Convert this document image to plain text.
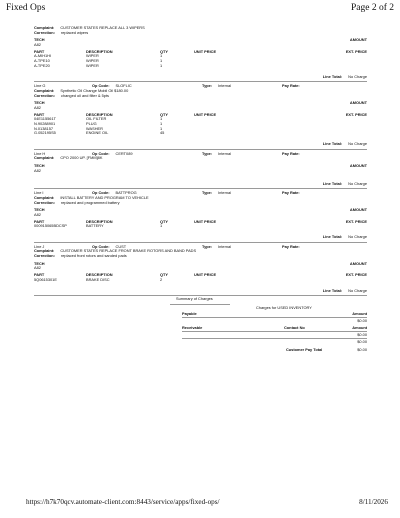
Fixed Ops	Page 2 of 2
Complaint: CUSTOMER STATES REPLACE ALL 3 WIPERS
Correction: replaced wipers
TECH	AMOUNT
A82
PART	DESCRIPTION	QTY	UNIT PRICE	EXT. PRICE
A-MIH1HI	WIPER	1
A-TPE10	WIPER	1
A-TPE20	WIPER	1
Line Total: No Charge
Line G	Op Code: SLOFLIC	Type: Internal	Pay Rate:
Complaint: Synthetic Oil Change Mobil Oil $180.00
Correction: changed oil and filter & 5pts
TECH	AMOUNT
A82
PART	DESCRIPTION	QTY	UNIT PRICE	EXT. PRICE
04E115561T	OIL FILTER	1
N.90288901	PLUG	1
N.0138157	WASHER	1
G.052195S5	ENGINE OIL	45
Line Total: No Charge
Line H	Op Code: CERT089	Type: Internal	Pay Rate:
Complaint: CPO 2000 UP. [FMM]8K
TECH	AMOUNT
A82
Line Total: No Charge
Line I	Op Code: BATTPROG	Type: Internal	Pay Rate:
Complaint: INSTALL BATTERY AND PROGRAM TO VEHICLE
Correction: replaced and programmed battery
TECH	AMOUNT
A82
PART	DESCRIPTION	QTY	UNIT PRICE	EXT. PRICE
000915065BDCSP	BATTERY	1
Line Total: No Charge
Line J	Op Code: CUST	Type: Internal	Pay Rate:
Complaint: CUSTOMER STATES REPLACE FRONT BRAKE ROTORS AND BAND PADS
Correction: replaced front rotors and sanded pads
TECH	AMOUNT
A82
PART	DESCRIPTION	QTY	UNIT PRICE	EXT. PRICE
5Q0615301E	BRAKE DISC	2
Line Total: No Charge
Summary of Charges
Charges for USED INVENTORY
Payable	Amount
$0.00
Receivable	Contact No	Amount
$0.00
$0.00
Customer Pay Total	$0.00
https://h7k70qcv.automate-client.com:8443/service/apps/fixed-ops/	8/11/2026
